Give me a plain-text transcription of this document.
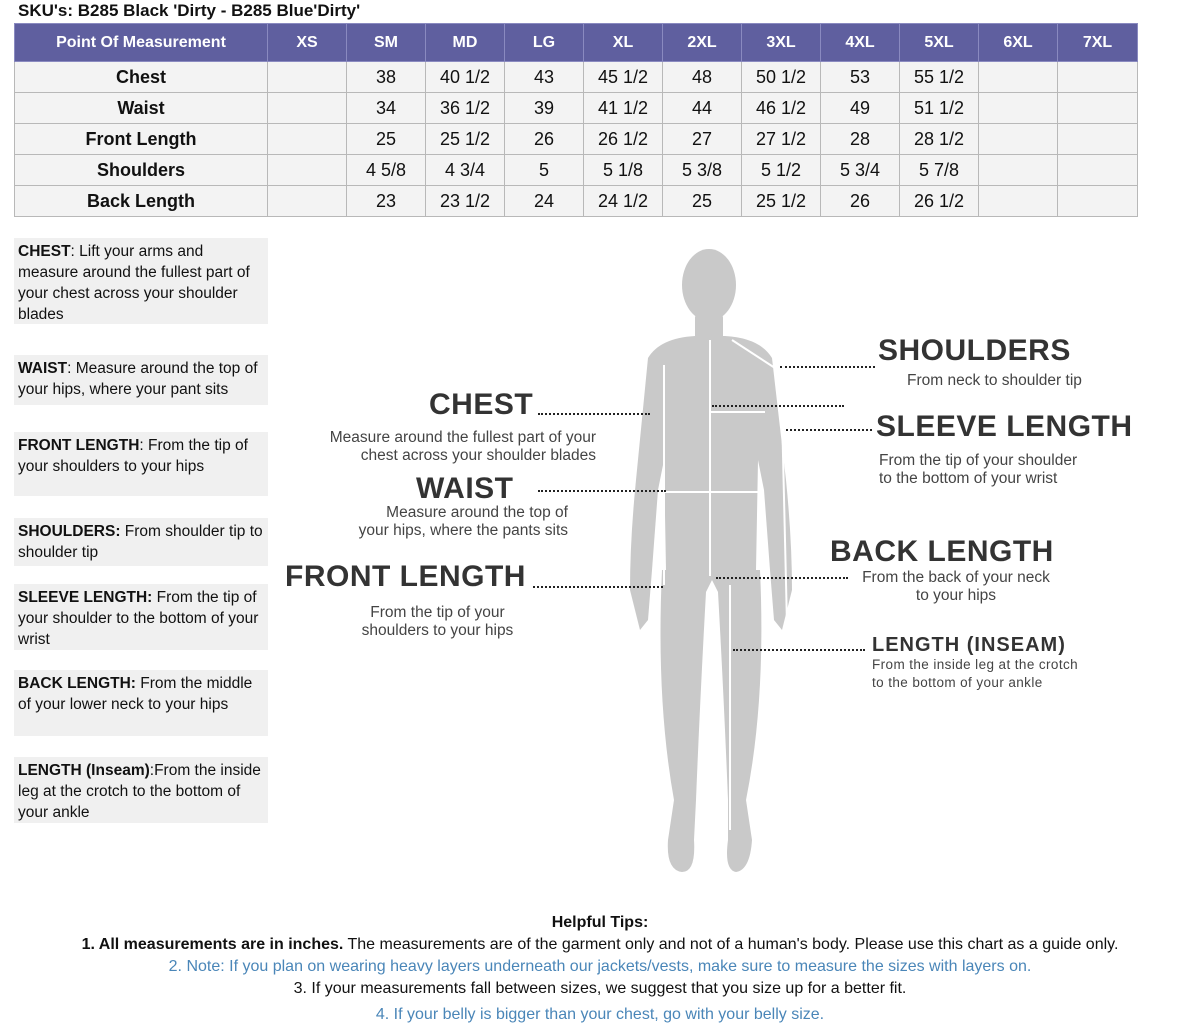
SKU's: B285 Black 'Dirty - B285 Blue'Dirty'
Point Of Measurement	XS	SM	MD	LG	XL	2XL	3XL	4XL	5XL	6XL	7XL
Chest		38	40 1/2	43	45 1/2	48	50 1/2	53	55 1/2		
Waist		34	36 1/2	39	41 1/2	44	46 1/2	49	51 1/2		
Front Length		25	25 1/2	26	26 1/2	27	27 1/2	28	28 1/2		
Shoulders		4 5/8	4 3/4	5	5 1/8	5 3/8	5 1/2	5 3/4	5 7/8		
Back Length		23	23 1/2	24	24 1/2	25	25 1/2	26	26 1/2		
CHEST: Lift your arms and measure around the fullest part of your chest across your shoulder blades
WAIST: Measure around the top of your hips, where your pant sits
FRONT LENGTH: From the tip of your shoulders to your hips
SHOULDERS: From shoulder tip to shoulder tip
SLEEVE LENGTH: From the tip of your shoulder to the bottom of your wrist
BACK LENGTH: From the middle of your lower neck to your hips
LENGTH (Inseam):From the inside leg at the crotch to the bottom of your ankle
CHEST
Measure around the fullest part of your
chest across your shoulder blades
WAIST
Measure around the top of
your hips, where the pants sits
FRONT LENGTH
From the tip of your
shoulders to your hips
SHOULDERS
From neck to shoulder tip
SLEEVE LENGTH
From the tip of your shoulder
to the bottom of your wrist
BACK LENGTH
From the back of your neck
to your hips
LENGTH (INSEAM)
From the inside leg at the crotch
to the bottom of your ankle
Helpful Tips:
1. All measurements are in inches. The measurements are of the garment only and not of a human's body. Please use this chart as a guide only.
2. Note: If you plan on wearing heavy layers underneath our jackets/vests, make sure to measure the sizes with layers on.
3. If your measurements fall between sizes, we suggest that you size up for a better fit.
4. If your belly is bigger than your chest, go with your belly size.
